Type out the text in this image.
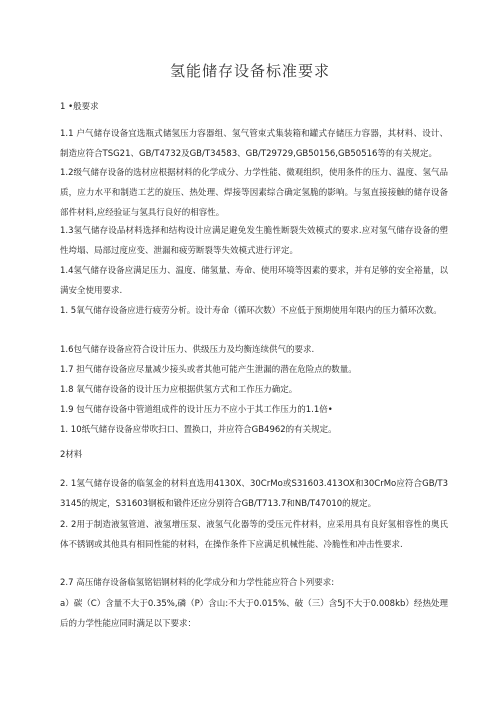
氢能储存设备标准要求
1 •般要求
1.1 户气储存设备宜选瓶式储氢压力容器组、氢气管束式集装箱和罐式存储压力容器，其材料、设计、制造应符合TSG21、GB/T4732及GB/T34583、GB/T29729,GB50156,GB50516等的有关规定。
1.2级气储存设备的选材应根据材料的化学成分、力学性能、微观组织，使用条件的压力、温度、氢气品质，应力水平和制造工艺的旋压、热处理、焊接等因素综合确定氢脆的影响。与氢直接接触的储存设备部件材料,应经验证与氢具行良好的相容性。
1.3氢气储存设品材料选择和结构设计应满足避免发生脆性断裂失效模式的要求.应对氢气储存设备的塑性垮塌、局部过度应变、泄漏和疲劳断裂等失效模式进行评定。
1.4氢气储存设备应满足压力、温度、储氢量、寿命、使用环境等因素的要求，并有足够的安全裕量，以满安全使用要求.
1. 5氧气储存设备应进行疲劳分析。设计寿命（循环次数）不应低于预期使用年限内的压力循环次数。
1.6包气储存设备应符合设计压力、供级压力及均衡连续供气的要求.
1.7 担气储存设备应尽量减少接头或者其他可能产生泄漏的潜在危险点的数量。
1.8 氧气储存设备的设计压力应根据供氢方式和工作压力确定。
1.9 包气储存设备中管道组成件的设计压力不应小于其工作压力的1.1倍•
1. 10纸气储存设备应带吹扫口、置换口，并应符合GB4962的有关规定。
2材料
2. 1氢气储存设备的临氢金的材料直选用4130X、30CrMo或S31603.413OX和30CrMo应符合GB/T33145的规定，S31603钢板和锻件还应分别符合GB/T713.7和NB/T47010的规定。
2. 2用于制造液氢管道、液氢增压泵、液氢气化器等的受压元件材料，应采用具有良好氢相容性的奥氏体不锈钢或其他具有相同性能的材料，在操作条件下应满足机械性能、冷脆性和冲击性要求.
2.7 高压储存设备临氢铭铝钢材料的化学成分和力学性能应符合卜列要求:
a）碳（C）含量不大于0.35%,磷（P）含山:不大于0.015%、破（三）含5J不大于0.008kb）经热处理后的力学性能应同时满足以下要求：
